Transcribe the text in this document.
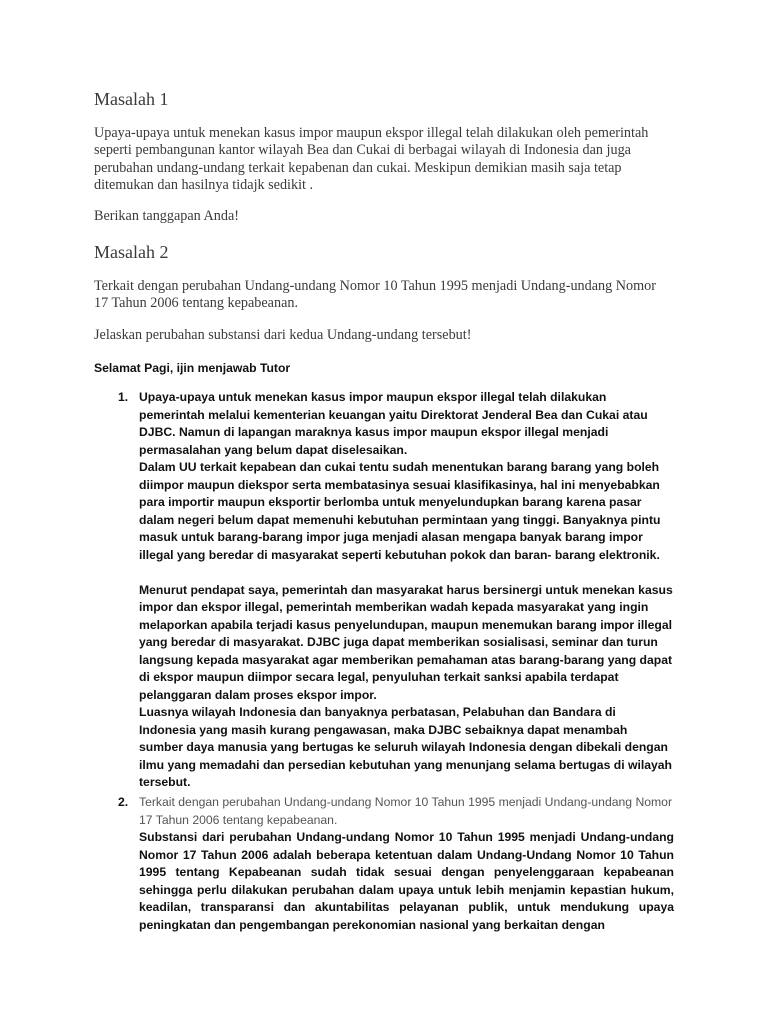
Masalah 1

Upaya-upaya untuk menekan kasus impor maupun ekspor illegal telah dilakukan oleh pemerintah seperti pembangunan kantor wilayah Bea dan Cukai di berbagai wilayah di Indonesia dan juga perubahan undang-undang terkait kepabenan dan cukai. Meskipun demikian masih saja tetap ditemukan dan hasilnya tidajk sedikit .

Berikan tanggapan Anda!

Masalah 2

Terkait dengan perubahan Undang-undang Nomor 10 Tahun 1995 menjadi Undang-undang Nomor 17 Tahun 2006 tentang kepabeanan.

Jelaskan perubahan substansi dari kedua Undang-undang tersebut!

Selamat Pagi, ijin menjawab Tutor

1. Upaya-upaya untuk menekan kasus impor maupun ekspor illegal telah dilakukan pemerintah melalui kementerian keuangan yaitu Direktorat Jenderal Bea dan Cukai atau DJBC. Namun di lapangan maraknya kasus impor maupun ekspor illegal menjadi permasalahan yang belum dapat diselesaikan.

Dalam UU terkait kepabean dan cukai tentu sudah menentukan barang barang yang boleh diimpor maupun diekspor serta membatasinya sesuai klasifikasinya, hal ini menyebabkan para importir maupun eksportir berlomba untuk menyelundupkan barang karena pasar dalam negeri belum dapat memenuhi kebutuhan permintaan yang tinggi. Banyaknya pintu masuk untuk barang-barang impor juga menjadi alasan mengapa banyak barang impor illegal yang beredar di masyarakat seperti kebutuhan pokok dan baran- barang elektronik.

Menurut pendapat saya, pemerintah dan masyarakat harus bersinergi untuk menekan kasus impor dan ekspor illegal, pemerintah memberikan wadah kepada masyarakat yang ingin melaporkan apabila terjadi kasus penyelundupan, maupun menemukan barang impor illegal yang beredar di masyarakat. DJBC juga dapat memberikan sosialisasi, seminar dan turun langsung kepada masyarakat agar memberikan pemahaman atas barang-barang yang dapat di ekspor maupun diimpor secara legal, penyuluhan terkait sanksi apabila terdapat pelanggaran dalam proses ekspor impor.

Luasnya wilayah Indonesia dan banyaknya perbatasan, Pelabuhan dan Bandara di Indonesia yang masih kurang pengawasan, maka DJBC sebaiknya dapat menambah sumber daya manusia yang bertugas ke seluruh wilayah Indonesia dengan dibekali dengan ilmu yang memadahi dan persedian kebutuhan yang menunjang selama bertugas di wilayah tersebut.

2. Terkait dengan perubahan Undang-undang Nomor 10 Tahun 1995 menjadi Undang-undang Nomor 17 Tahun 2006 tentang kepabeanan.

Substansi dari perubahan Undang-undang Nomor 10 Tahun 1995 menjadi Undang-undang Nomor 17 Tahun 2006 adalah beberapa ketentuan dalam Undang-Undang Nomor 10 Tahun 1995 tentang Kepabeanan sudah tidak sesuai dengan penyelenggaraan kepabeanan sehingga perlu dilakukan perubahan dalam upaya untuk lebih menjamin kepastian hukum, keadilan, transparansi dan akuntabilitas pelayanan publik, untuk mendukung upaya peningkatan dan pengembangan perekonomian nasional yang berkaitan dengan
